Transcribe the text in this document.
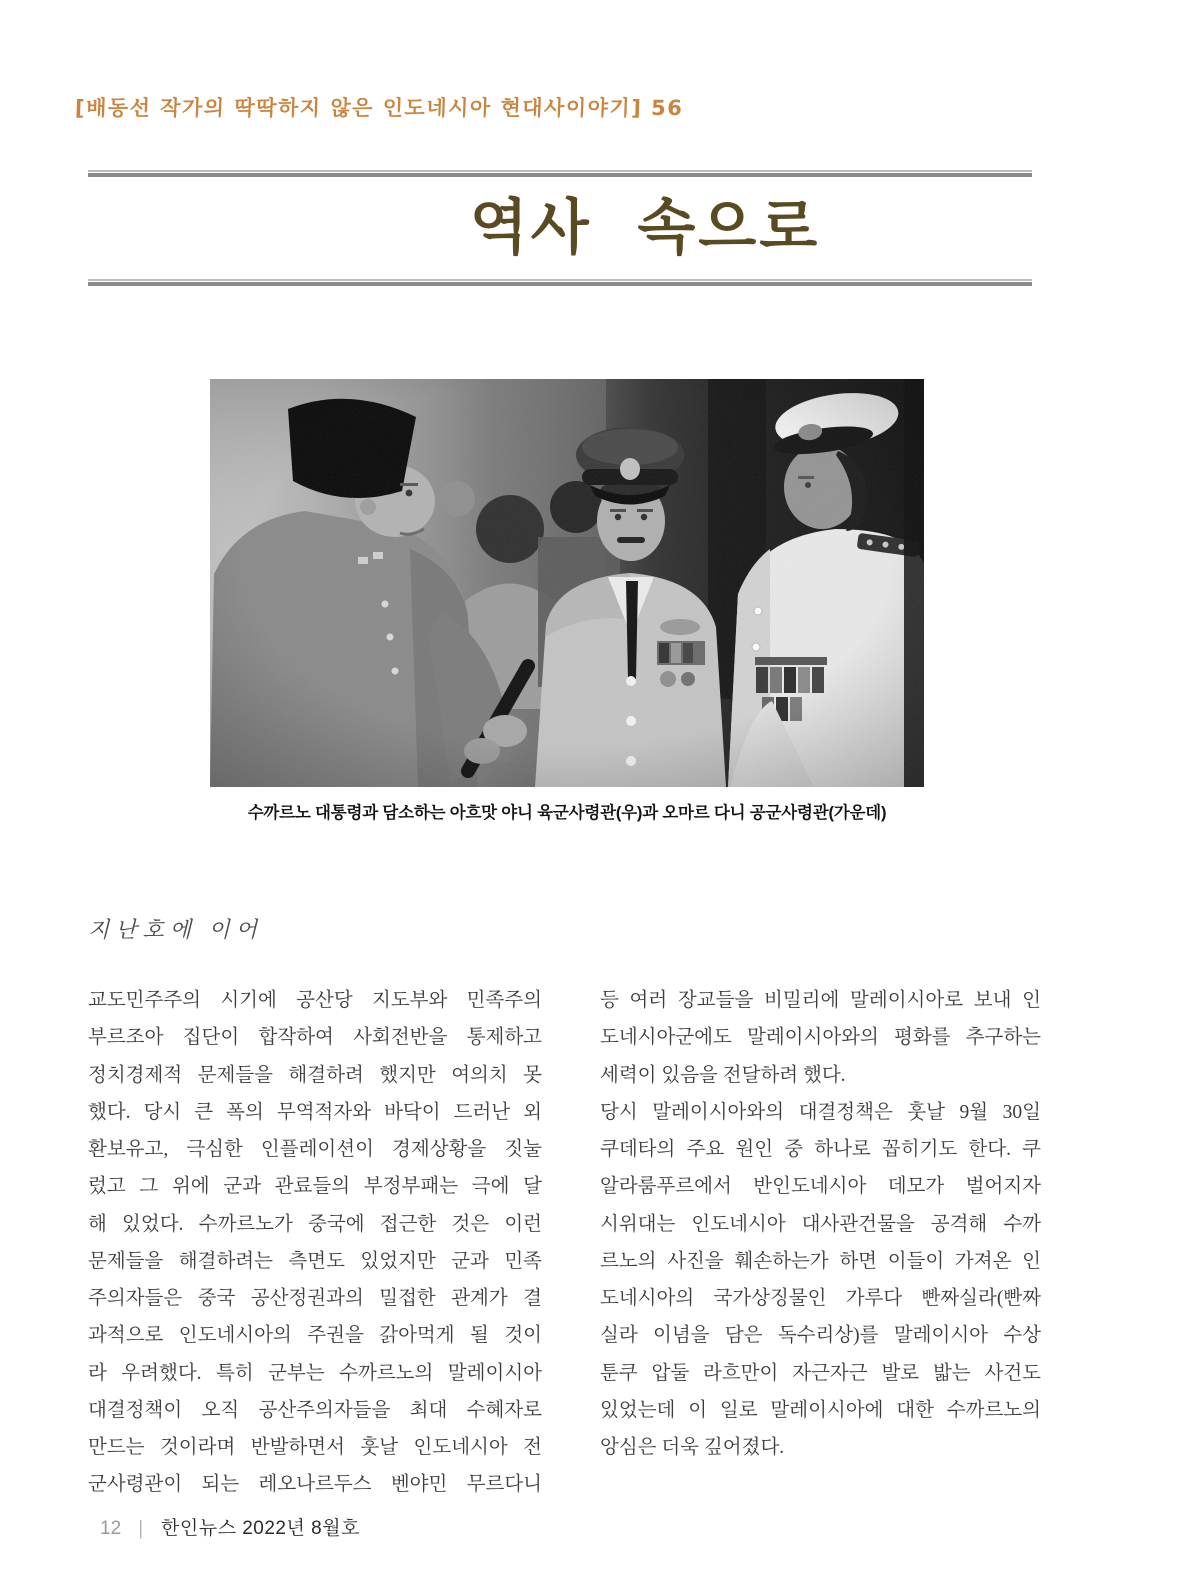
[배동선 작가의 딱딱하지 않은 인도네시아 현대사이야기] 56
역사 속으로
수까르노 대통령과 담소하는 아흐맛 야니 육군사령관(우)과 오마르 다니 공군사령관(가운데)
지난호에 이어
교도민주주의 시기에 공산당 지도부와 민족주의
부르조아 집단이 합작하여 사회전반을 통제하고
정치경제적 문제들을 해결하려 했지만 여의치 못
했다. 당시 큰 폭의 무역적자와 바닥이 드러난 외
환보유고, 극심한 인플레이션이 경제상황을 짓눌
렀고 그 위에 군과 관료들의 부정부패는 극에 달
해 있었다. 수까르노가 중국에 접근한 것은 이런
문제들을 해결하려는 측면도 있었지만 군과 민족
주의자들은 중국 공산정권과의 밀접한 관계가 결
과적으로 인도네시아의 주권을 갉아먹게 될 것이
라 우려했다. 특히 군부는 수까르노의 말레이시아
대결정책이 오직 공산주의자들을 최대 수혜자로
만드는 것이라며 반발하면서 훗날 인도네시아 전
군사령관이 되는 레오나르두스 벤야민 무르다니
등 여러 장교들을 비밀리에 말레이시아로 보내 인
도네시아군에도 말레이시아와의 평화를 추구하는
세력이 있음을 전달하려 했다.
당시 말레이시아와의 대결정책은 훗날 9월 30일
쿠데타의 주요 원인 중 하나로 꼽히기도 한다. 쿠
알라룸푸르에서 반인도네시아 데모가 벌어지자
시위대는 인도네시아 대사관건물을 공격해 수까
르노의 사진을 훼손하는가 하면 이들이 가져온 인
도네시아의 국가상징물인 가루다 빤짜실라(빤짜
실라 이념을 담은 독수리상)를 말레이시아 수상
툰쿠 압둘 라흐만이 자근자근 발로 밟는 사건도
있었는데 이 일로 말레이시아에 대한 수까르노의
앙심은 더욱 깊어졌다.
12 | 한인뉴스 2022년 8월호
